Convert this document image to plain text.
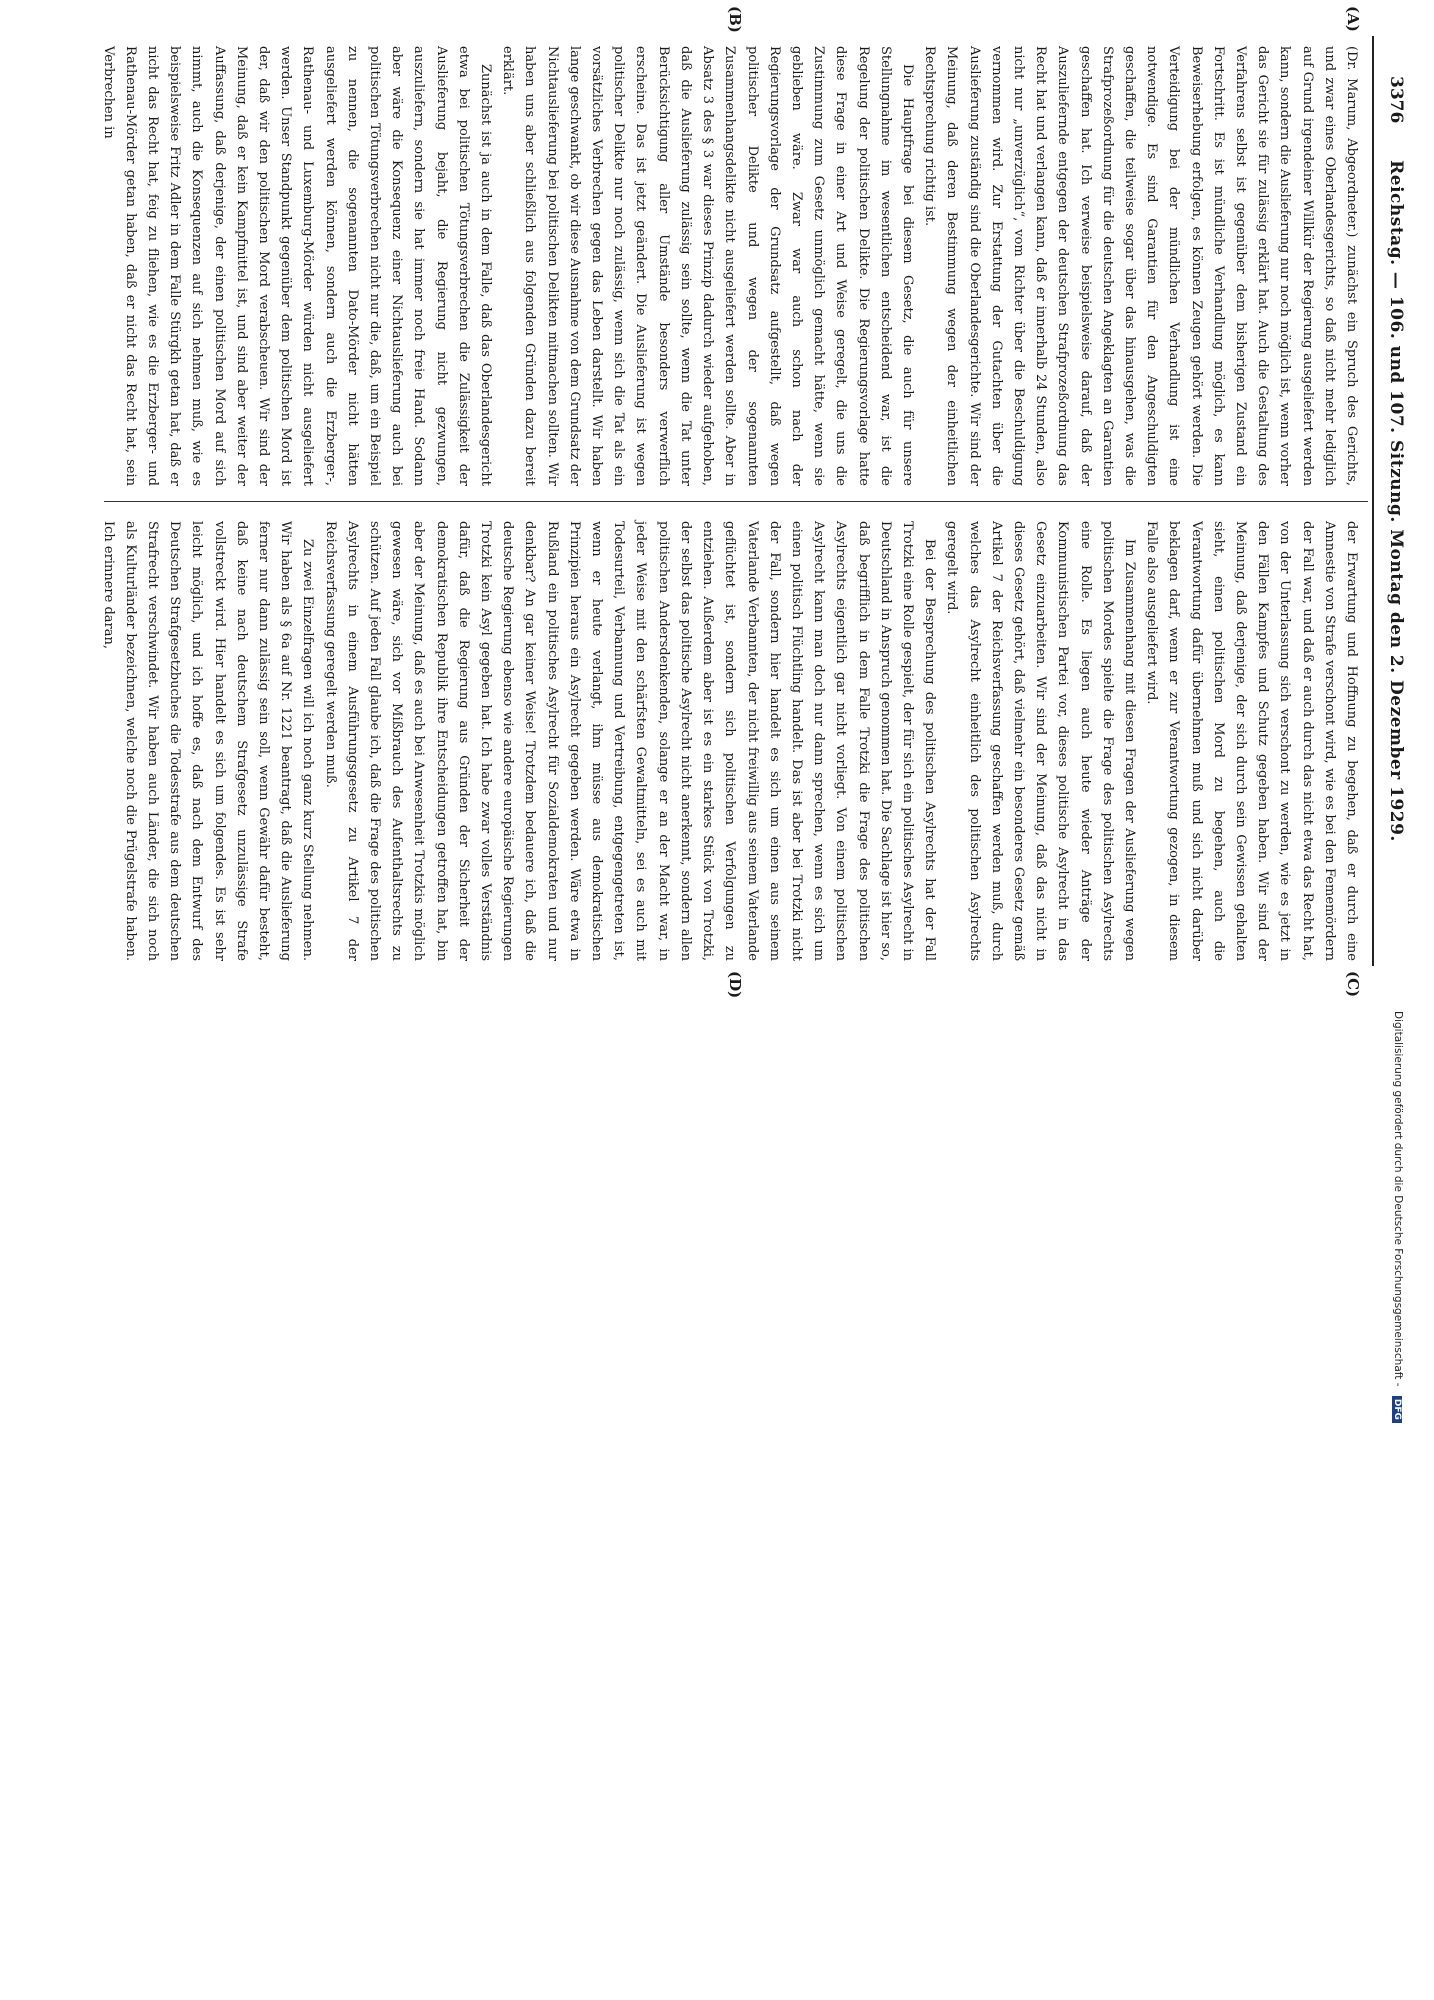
3376
Reichstag. — 106. und 107. Sitzung. Montag den 2. Dezember 1929.
(A)
(B)
(C)
(D)

(Dr. Marum, Abgeordneter.) zunächst ein Spruch des Gerichts, und zwar eines Oberlandesgerichts, so daß nicht mehr lediglich auf Grund irgendeiner Willkür der Regierung ausgeliefert werden kann, sondern die Auslieferung nur noch möglich ist, wenn vorher das Gericht sie für zulässig erklärt hat. Auch die Gestaltung des Verfahrens selbst ist gegenüber dem bisherigen Zustand ein Fortschritt. Es ist mündliche Verhandlung möglich, es kann Beweiserhebung erfolgen, es können Zeugen gehört werden. Die Verteidigung bei der mündlichen Verhandlung ist eine notwendige. Es sind Garantien für den Angeschuldigten geschaffen, die teilweise sogar über das hinausgehen, was die Strafprozeßordnung für die deutschen Angeklagten an Garantien geschaffen hat. Ich verweise beispielsweise darauf, daß der Auszuliefernde entgegen der deutschen Strafprozeßordnung das Recht hat und verlangen kann, daß er innerhalb 24 Stunden, also nicht nur „unverzüglich“, vom Richter über die Beschuldigung vernommen wird. Zur Erstattung der Gutachten über die Auslieferung zuständig sind die Oberlandesgerichte. Wir sind der Meinung, daß deren Bestimmung wegen der einheitlichen Rechtsprechung richtig ist.

Die Hauptfrage bei diesem Gesetz, die auch für unsere Stellungnahme im wesentlichen entscheidend war, ist die Regelung der politischen Delikte. Die Regierungsvorlage hatte diese Frage in einer Art und Weise geregelt, die uns die Zustimmung zum Gesetz unmöglich gemacht hätte, wenn sie geblieben wäre. Zwar war auch schon nach der Regierungsvorlage der Grundsatz aufgestellt, daß wegen politischer Delikte und wegen der sogenannten Zusammenhangsdelikte nicht ausgeliefert werden sollte. Aber in Absatz 3 des § 3 war dieses Prinzip dadurch wieder aufgehoben, daß die Auslieferung zulässig sein sollte, wenn die Tat unter Berücksichtigung aller Umstände besonders verwerflich erscheine. Das ist jetzt geändert. Die Auslieferung ist wegen politischer Delikte nur noch zulässig, wenn sich die Tat als ein vorsätzliches Verbrechen gegen das Leben darstellt. Wir haben lange geschwankt, ob wir diese Ausnahme von dem Grundsatz der Nichtauslieferung bei politischen Delikten mitmachen sollten. Wir haben uns aber schließlich aus folgenden Gründen dazu bereit erklärt.

Zunächst ist ja auch in dem Falle, daß das Oberlandesgericht etwa bei politischen Tötungsverbrechen die Zulässigkeit der Auslieferung bejaht, die Regierung nicht gezwungen, auszuliefern, sondern sie hat immer noch freie Hand. Sodann aber wäre die Konsequenz einer Nichtauslieferung auch bei politischen Tötungsverbrechen nicht nur die, daß, um ein Beispiel zu nennen, die sogenannten Dato-Mörder nicht hätten ausgeliefert werden können, sondern auch die Erzberger-, Rathenau- und Luxemburg-Mörder würden nicht ausgeliefert werden. Unser Standpunkt gegenüber dem politischen Mord ist der, daß wir den politischen Mord verabscheuen. Wir sind der Meinung, daß er kein Kampfmittel ist, und sind aber weiter der Auffassung, daß derjenige, der einen politischen Mord auf sich nimmt, auch die Konsequenzen auf sich nehmen muß, wie es beispielsweise Fritz Adler in dem Falle Stürgkh getan hat, daß er nicht das Recht hat, feig zu fliehen, wie es die Erzberger- und Rathenau-Mörder getan haben, daß er nicht das Recht hat, sein Verbrechen in

der Erwartung und Hoffnung zu begehen, daß er durch eine Amnestie von Strafe verschont wird, wie es bei den Fememördern der Fall war, und daß er auch durch das nicht etwa das Recht hat, von der Unterlassung sich verschont zu werden, wie es jetzt in den Fällen Kampfes und Schutz gegeben haben. Wir sind der Meinung, daß derjenige, der sich durch sein Gewissen gehalten sieht, einen politischen Mord zu begehen, auch die Verantwortung dafür übernehmen muß und sich nicht darüber beklagen darf, wenn er zur Verantwortung gezogen, in diesem Falle also ausgeliefert wird.

Im Zusammenhang mit diesen Fragen der Auslieferung wegen politischen Mordes spielte die Frage des politischen Asylrechts eine Rolle. Es liegen auch heute wieder Anträge der Kommunistischen Partei vor, dieses politische Asylrecht in das Gesetz einzuarbeiten. Wir sind der Meinung, daß das nicht in dieses Gesetz gehört, daß vielmehr ein besonderes Gesetz gemäß Artikel 7 der Reichsverfassung geschaffen werden muß, durch welches das Asylrecht einheitlich des politischen Asylrechts geregelt wird.

Bei der Besprechung des politischen Asylrechts hat der Fall Trotzki eine Rolle gespielt, der für sich ein politisches Asylrecht in Deutschland in Anspruch genommen hat. Die Sachlage ist hier so, daß begrifflich in dem Falle Trotzki die Frage des politischen Asylrechts eigentlich gar nicht vorliegt. Von einem politischen Asylrecht kann man doch nur dann sprechen, wenn es sich um einen politisch Flüchtling handelt. Das ist aber bei Trotzki nicht der Fall, sondern hier handelt es sich um einen aus seinem Vaterlande Verbannten, der nicht freiwillig aus seinem Vaterlande geflüchtet ist, sondern sich politischen Verfolgungen zu entziehen. Außerdem aber ist es ein starkes Stück von Trotzki, der selbst das politische Asylrecht nicht anerkennt, sondern allen politischen Andersdenkenden, solange er an der Macht war, in jeder Weise mit den schärfsten Gewaltmitteln, sei es auch mit Todesurteil, Verbannung und Vertreibung, entgegengetreten ist, wenn er heute verlangt, ihm müsse aus demokratischen Prinzipien heraus ein Asylrecht gegeben werden. Wäre etwa in Rußland ein politisches Asylrecht für Sozialdemokraten und nur denkbar? An gar keiner Weise! Trotzdem bedauere ich, daß die deutsche Regierung ebenso wie andere europäische Regierungen Trotzki kein Asyl gegeben hat. Ich habe zwar volles Verständnis dafür, daß die Regierung aus Gründen der Sicherheit der demokratischen Republik ihre Entscheidungen getroffen hat, bin aber der Meinung, daß es auch bei Anwesenheit Trotzkis möglich gewesen wäre, sich vor Mißbrauch des Aufenthaltsrechts zu schützen. Auf jeden Fall glaube ich, daß die Frage des politischen Asylrechts in einem Ausführungsgesetz zu Artikel 7 der Reichsverfassung geregelt werden muß.

Zu zwei Einzelfragen will ich noch ganz kurz Stellung nehmen. Wir haben als § 6a auf Nr. 1221 beantragt, daß die Auslieferung ferner nur dann zulässig sein soll, wenn Gewähr dafür besteht, daß keine nach deutschem Strafgesetz unzulässige Strafe vollstreckt wird. Hier handelt es sich um folgendes. Es ist sehr leicht möglich, und ich hoffe es, daß nach dem Entwurf des Deutschen Strafgesetzbuches die Todesstrafe aus dem deutschen Strafrecht verschwindet. Wir haben auch Länder, die sich noch als Kulturländer bezeichnen, welche noch die Prügelstrafe haben. Ich erinnere daran,

Digitalisierung gefördert durch die Deutsche Forschungsgemeinschaft - DFG
